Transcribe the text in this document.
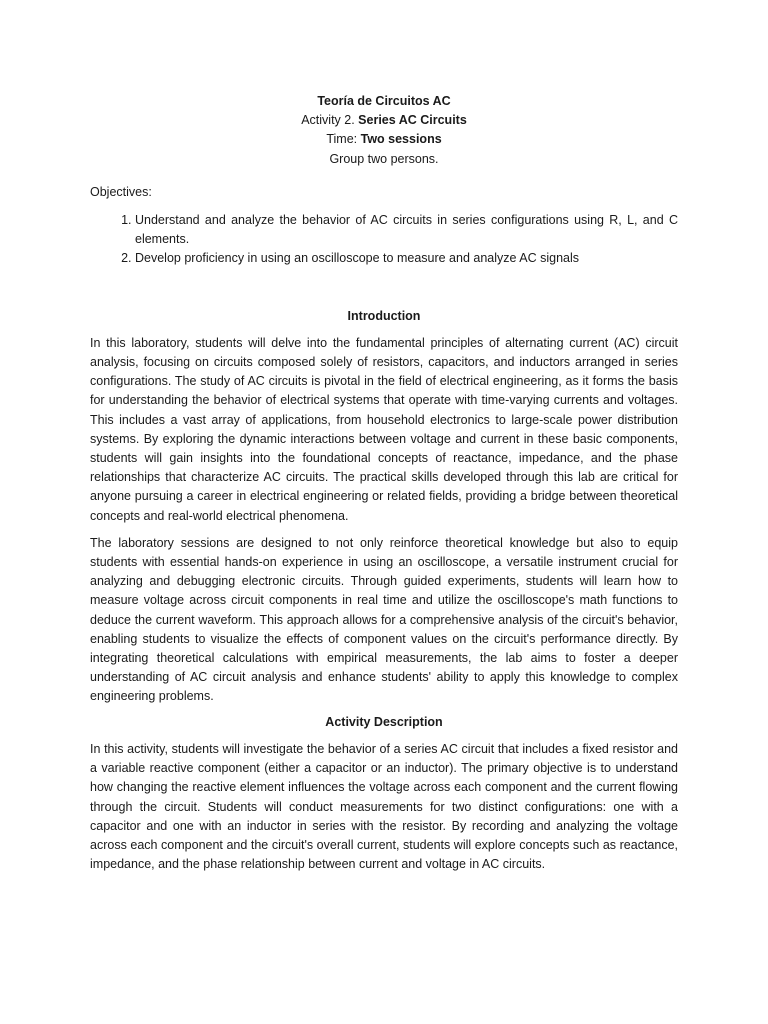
Teoría de Circuitos AC
Activity 2. Series AC Circuits
Time: Two sessions
Group two persons.
Objectives:
1. Understand and analyze the behavior of AC circuits in series configurations using R, L, and C elements.
2. Develop proficiency in using an oscilloscope to measure and analyze AC signals
Introduction

In this laboratory, students will delve into the fundamental principles of alternating current (AC) circuit analysis, focusing on circuits composed solely of resistors, capacitors, and inductors arranged in series configurations. The study of AC circuits is pivotal in the field of electrical engineering, as it forms the basis for understanding the behavior of electrical systems that operate with time-varying currents and voltages. This includes a vast array of applications, from household electronics to large-scale power distribution systems. By exploring the dynamic interactions between voltage and current in these basic components, students will gain insights into the foundational concepts of reactance, impedance, and the phase relationships that characterize AC circuits. The practical skills developed through this lab are critical for anyone pursuing a career in electrical engineering or related fields, providing a bridge between theoretical concepts and real-world electrical phenomena.

The laboratory sessions are designed to not only reinforce theoretical knowledge but also to equip students with essential hands-on experience in using an oscilloscope, a versatile instrument crucial for analyzing and debugging electronic circuits. Through guided experiments, students will learn how to measure voltage across circuit components in real time and utilize the oscilloscope's math functions to deduce the current waveform. This approach allows for a comprehensive analysis of the circuit's behavior, enabling students to visualize the effects of component values on the circuit's performance directly. By integrating theoretical calculations with empirical measurements, the lab aims to foster a deeper understanding of AC circuit analysis and enhance students' ability to apply this knowledge to complex engineering problems.

Activity Description

In this activity, students will investigate the behavior of a series AC circuit that includes a fixed resistor and a variable reactive component (either a capacitor or an inductor). The primary objective is to understand how changing the reactive element influences the voltage across each component and the current flowing through the circuit. Students will conduct measurements for two distinct configurations: one with a capacitor and one with an inductor in series with the resistor. By recording and analyzing the voltage across each component and the circuit's overall current, students will explore concepts such as reactance, impedance, and the phase relationship between current and voltage in AC circuits.
